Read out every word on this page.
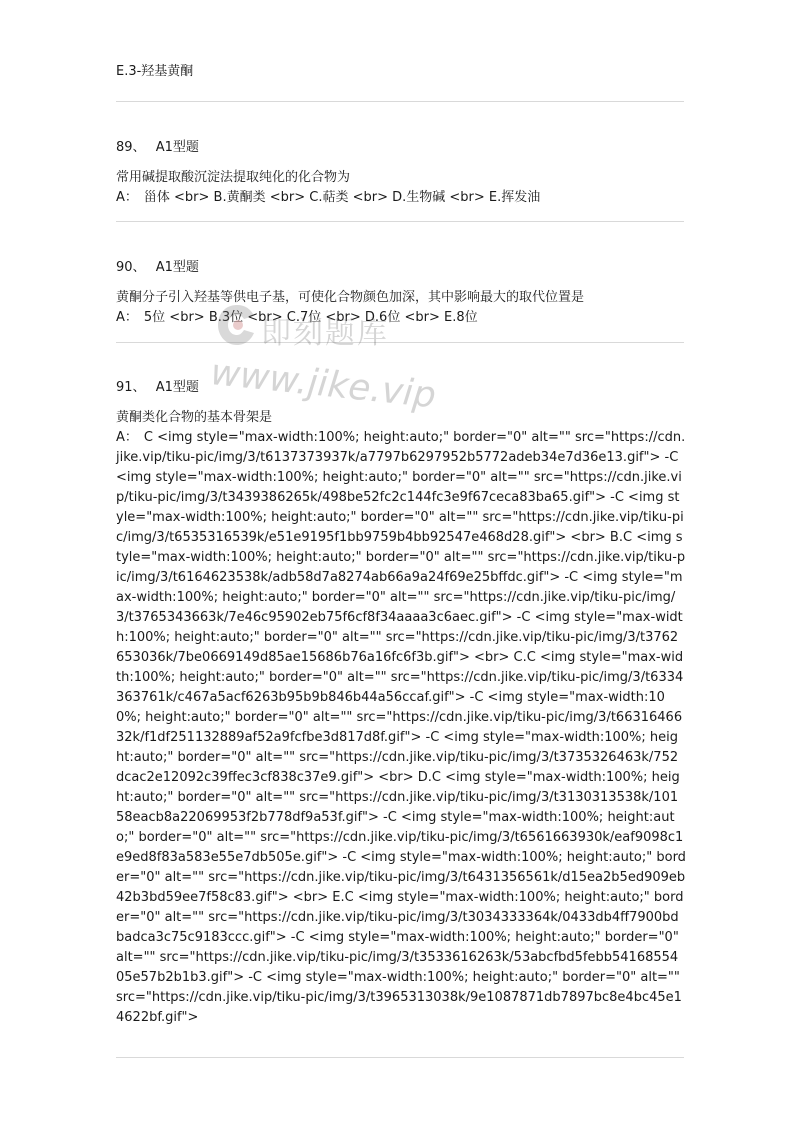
E.3-羟基黄酮
89、 A1型题
常用碱提取酸沉淀法提取纯化的化合物为
A： 甾体 <br> B.黄酮类 <br> C.萜类 <br> D.生物碱 <br> E.挥发油
90、 A1型题
黄酮分子引入羟基等供电子基，可使化合物颜色加深，其中影响最大的取代位置是
A： 5位 <br> B.3位 <br> C.7位 <br> D.6位 <br> E.8位
91、 A1型题
黄酮类化合物的基本骨架是
A： C <img style="max-width:100%; height:auto;" border="0" alt="" src="https://cdn.jike.vip/tiku-pic/img/3/t6137373937k/a7797b6297952b5772adeb34e7d36e13.gif"> -C <img style="max-width:100%; height:auto;" border="0" alt="" src="https://cdn.jike.vip/tiku-pic/img/3/t3439386265k/498be52fc2c144fc3e9f67ceca83ba65.gif"> -C <img style="max-width:100%; height:auto;" border="0" alt="" src="https://cdn.jike.vip/tiku-pic/img/3/t6535316539k/e51e9195f1bb9759b4bb92547e468d28.gif"> <br> B.C <img style="max-width:100%; height:auto;" border="0" alt="" src="https://cdn.jike.vip/tiku-pic/img/3/t6164623538k/adb58d7a8274ab66a9a24f69e25bffdc.gif"> -C <img style="max-width:100%; height:auto;" border="0" alt="" src="https://cdn.jike.vip/tiku-pic/img/3/t3765343663k/7e46c95902eb75f6cf8f34aaaa3c6aec.gif"> -C <img style="max-width:100%; height:auto;" border="0" alt="" src="https://cdn.jike.vip/tiku-pic/img/3/t3762653036k/7be0669149d85ae15686b76a16fc6f3b.gif"> <br> C.C <img style="max-width:100%; height:auto;" border="0" alt="" src="https://cdn.jike.vip/tiku-pic/img/3/t6334363761k/c467a5acf6263b95b9b846b44a56ccaf.gif"> -C <img style="max-width:100%; height:auto;" border="0" alt="" src="https://cdn.jike.vip/tiku-pic/img/3/t6631646632k/f1df251132889af52a9fcfbe3d817d8f.gif"> -C <img style="max-width:100%; height:auto;" border="0" alt="" src="https://cdn.jike.vip/tiku-pic/img/3/t3735326463k/752dcac2e12092c39ffec3cf838c37e9.gif"> <br> D.C <img style="max-width:100%; height:auto;" border="0" alt="" src="https://cdn.jike.vip/tiku-pic/img/3/t3130313538k/10158eacb8a22069953f2b778df9a53f.gif"> -C <img style="max-width:100%; height:auto;" border="0" alt="" src="https://cdn.jike.vip/tiku-pic/img/3/t6561663930k/eaf9098c1e9ed8f83a583e55e7db505e.gif"> -C <img style="max-width:100%; height:auto;" border="0" alt="" src="https://cdn.jike.vip/tiku-pic/img/3/t6431356561k/d15ea2b5ed909eb42b3bd59ee7f58c83.gif"> <br> E.C <img style="max-width:100%; height:auto;" border="0" alt="" src="https://cdn.jike.vip/tiku-pic/img/3/t3034333364k/0433db4ff7900bdbadca3c75c9183ccc.gif"> -C <img style="max-width:100%; height:auto;" border="0" alt="" src="https://cdn.jike.vip/tiku-pic/img/3/t3533616263k/53abcfbd5febb5416855405e57b2b1b3.gif"> -C <img style="max-width:100%; height:auto;" border="0" alt="" src="https://cdn.jike.vip/tiku-pic/img/3/t3965313038k/9e1087871db7897bc8e4bc45e14622bf.gif">
即刻题库
www.jike.vip
